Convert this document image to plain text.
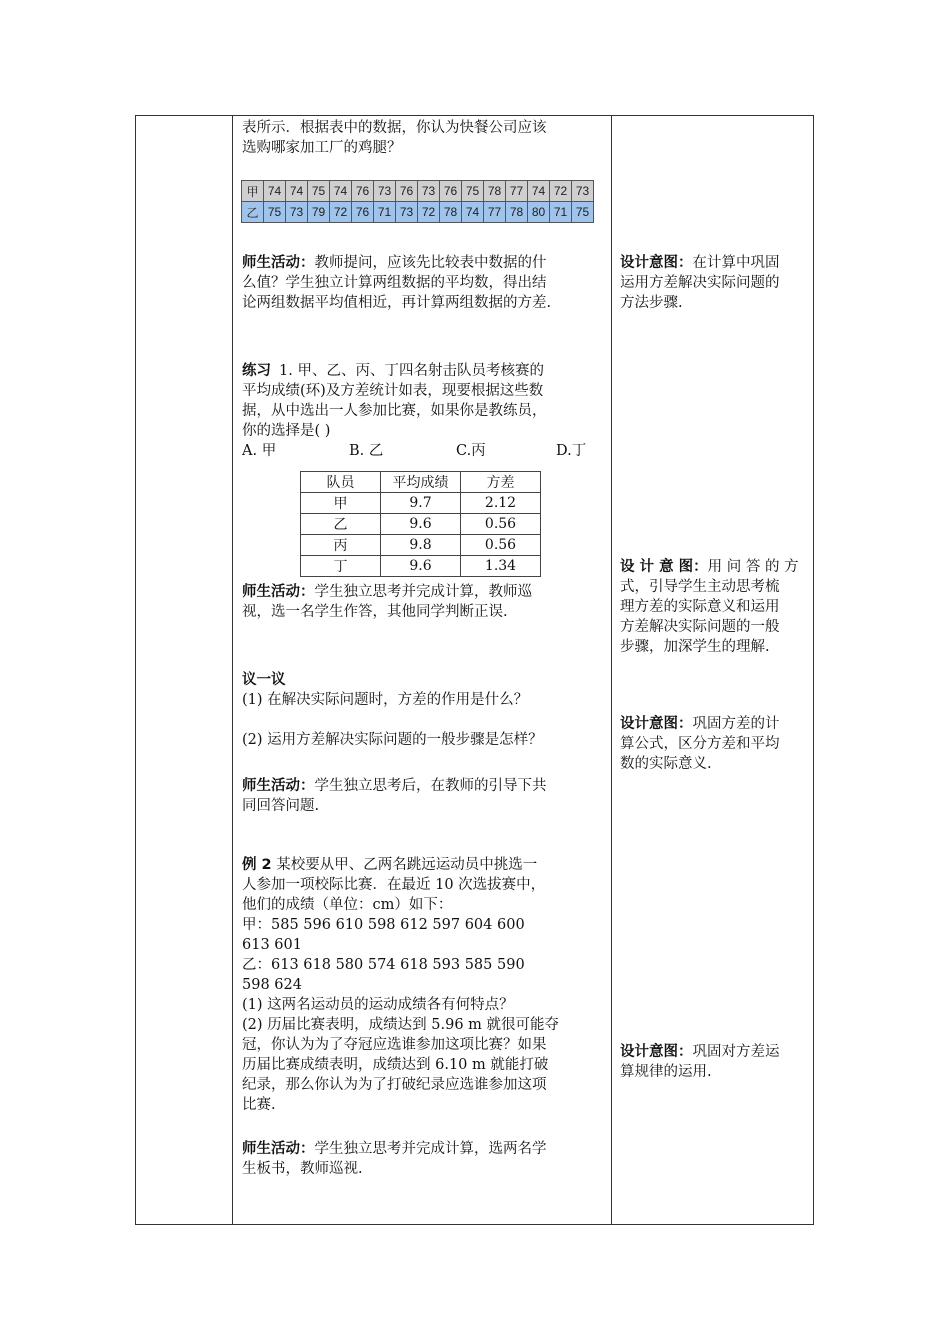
表所示．根据表中的数据，你认为快餐公司应该
选购哪家加工厂的鸡腿？
甲	74	74	75	74	76	73	76	73	76	75	78	77	74	72	73
乙	75	73	79	72	76	71	73	72	78	74	77	78	80	71	75
师生活动：教师提问，应该先比较表中数据的什
么值？学生独立计算两组数据的平均数，得出结
论两组数据平均值相近，再计算两组数据的方差.
设计意图：在计算中巩固
运用方差解决实际问题的
方法步骤.
练习 1. 甲、乙、丙、丁四名射击队员考核赛的
平均成绩(环)及方差统计如表，现要根据这些数
据，从中选出一人参加比赛，如果你是教练员，
你的选择是( )
A. 甲	B. 乙	C.丙	D.丁
队员	平均成绩	方差
甲	9.7	2.12
乙	9.6	0.56
丙	9.8	0.56
丁	9.6	1.34
师生活动：学生独立思考并完成计算，教师巡
视，选一名学生作答，其他同学判断正误.
设 计 意 图：用 问 答 的 方
式，引导学生主动思考梳
理方差的实际意义和运用
方差解决实际问题的一般
步骤，加深学生的理解.
议一议
(1) 在解决实际问题时，方差的作用是什么？
(2) 运用方差解决实际问题的一般步骤是怎样？
设计意图：巩固方差的计
算公式，区分方差和平均
数的实际意义.
师生活动：学生独立思考后，在教师的引导下共
同回答问题.
例 2 某校要从甲、乙两名跳远运动员中挑选一
人参加一项校际比赛．在最近 10 次选拔赛中，
他们的成绩（单位：cm）如下：
甲：585 596 610 598 612 597 604 600
613 601
乙：613 618 580 574 618 593 585 590
598 624
(1) 这两名运动员的运动成绩各有何特点？
(2) 历届比赛表明，成绩达到 5.96 m 就很可能夺
冠，你认为为了夺冠应选谁参加这项比赛？如果
历届比赛成绩表明，成绩达到 6.10 m 就能打破
纪录，那么你认为为了打破纪录应选谁参加这项
比赛.
设计意图：巩固对方差运
算规律的运用.
师生活动：学生独立思考并完成计算，选两名学
生板书，教师巡视.
